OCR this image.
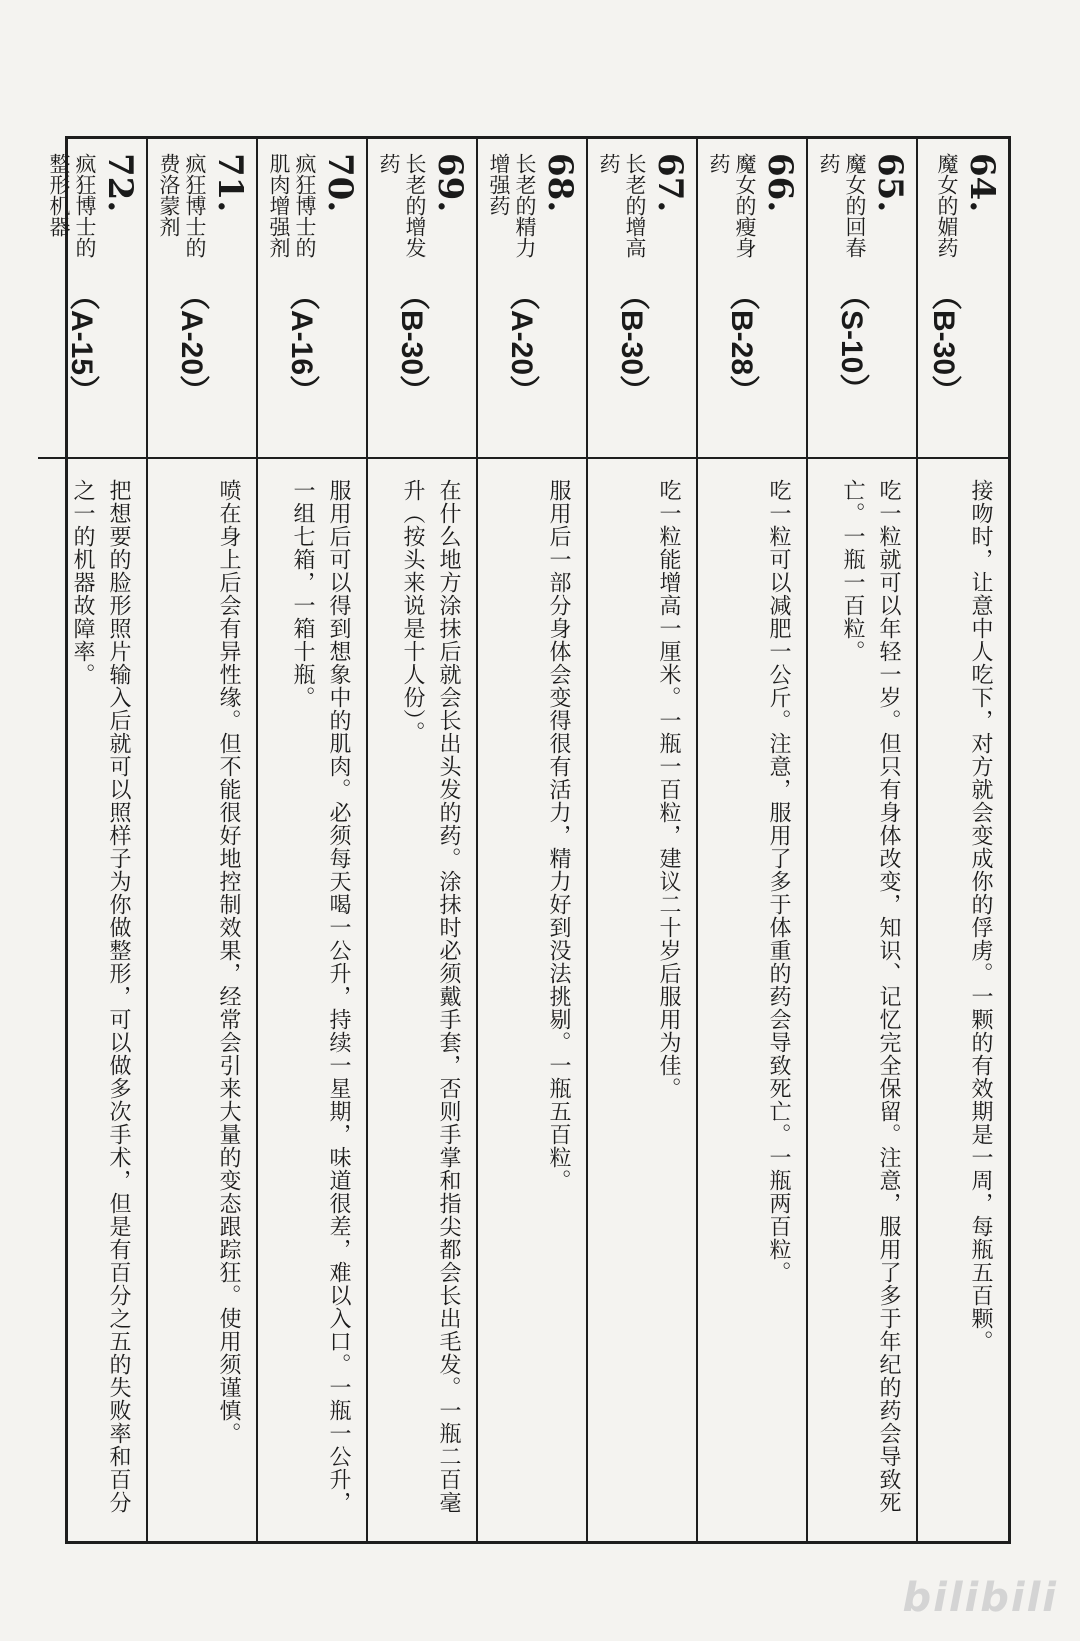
64.
魔女的媚药
（B-30）
接吻时，让意中人吃下，对方就会变成你的俘虏。一颗的有效期是一周，每瓶五百颗。
65.
魔女的回春药
（S-10）
吃一粒就可以年轻一岁。但只有身体改变，知识、记忆完全保留。注意，服用了多于年纪的药会导致死亡。一瓶一百粒。
66.
魔女的瘦身药
（B-28）
吃一粒可以减肥一公斤。注意，服用了多于体重的药会导致死亡。一瓶两百粒。
67.
长老的增高药
（B-30）
吃一粒能增高一厘米。一瓶一百粒，建议二十岁后服用为佳。
68.
长老的精力增强药
（A-20）
服用后一部分身体会变得很有活力，精力好到没法挑剔。一瓶五百粒。
69.
长老的增发药
（B-30）
在什么地方涂抹后就会长出头发的药。涂抹时必须戴手套，否则手掌和指尖都会长出毛发。一瓶二百毫升（按头来说是十人份）。
70.
疯狂博士的肌肉增强剂
（A-16）
服用后可以得到想象中的肌肉。必须每天喝一公升，持续一星期，味道很差，难以入口。一瓶一公升，一组七箱，一箱十瓶。
71.
疯狂博士的费洛蒙剂
（A-20）
喷在身上后会有异性缘。但不能很好地控制效果，经常会引来大量的变态跟踪狂。使用须谨慎。
72.
疯狂博士的整形机器
（A-15）
把想要的脸形照片输入后就可以照样子为你做整形，可以做多次手术，但是有百分之五的失败率和百分之一的机器故障率。
bilibili
